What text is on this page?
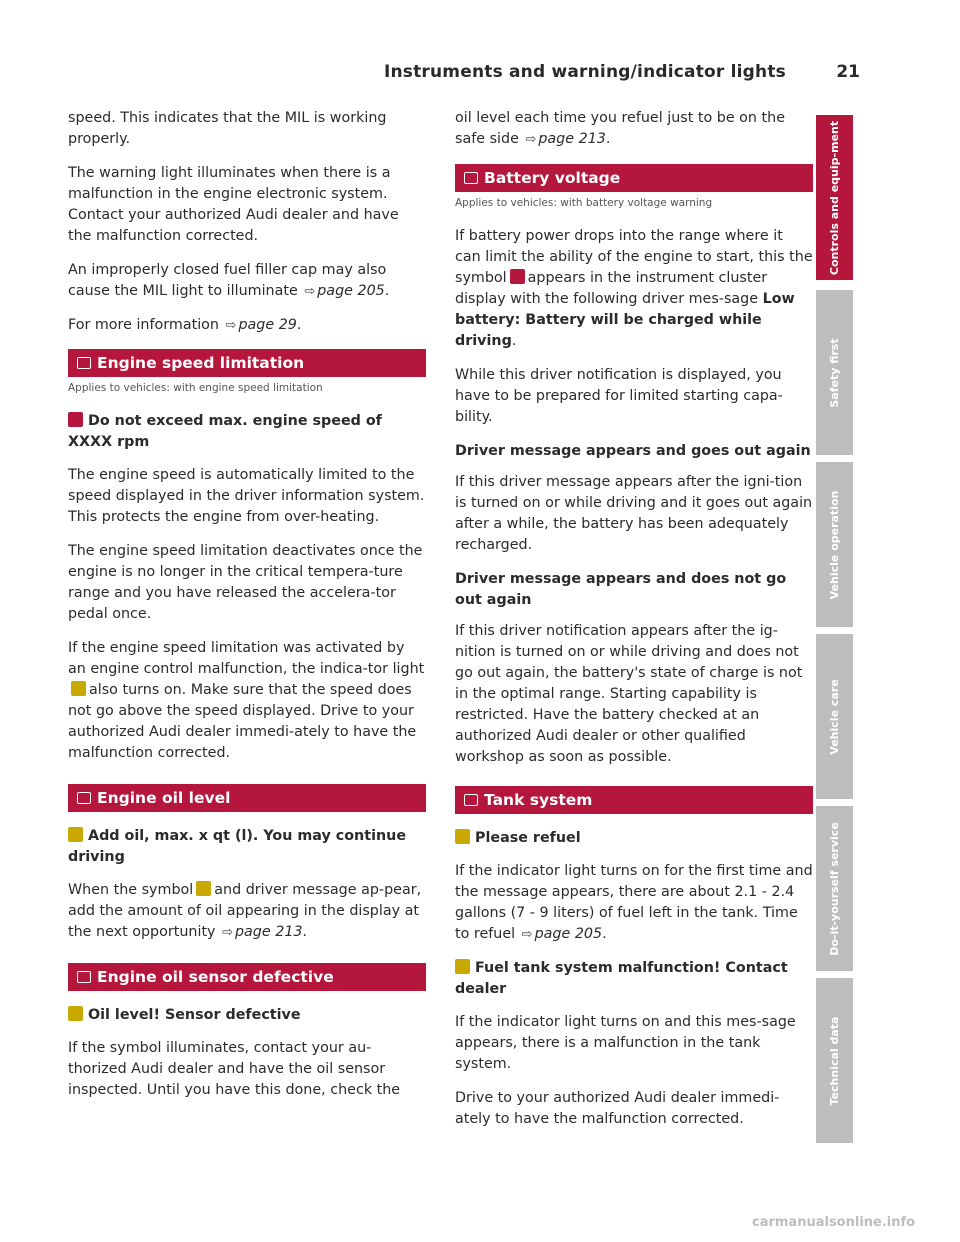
Instruments and warning/indicator lights	21

speed. This indicates that the MIL is working properly.

The warning light illuminates when there is a malfunction in the engine electronic system. Contact your authorized Audi dealer and have the malfunction corrected.

An improperly closed fuel filler cap may also cause the MIL light to illuminate ⇨ page 205.

For more information ⇨ page 29.

Engine speed limitation
Applies to vehicles: with engine speed limitation
Do not exceed max. engine speed of XXXX rpm

The engine speed is automatically limited to the speed displayed in the driver information system. This protects the engine from over-heating.

The engine speed limitation deactivates once the engine is no longer in the critical tempera-ture range and you have released the accelera-tor pedal once.

If the engine speed limitation was activated by an engine control malfunction, the indica-tor lightalso turns on. Make sure that the speed does not go above the speed displayed. Drive to your authorized Audi dealer immedi-ately to have the malfunction corrected.

Engine oil level
Add oil, max. x qt (l). You may continue driving

When the symbol and driver message ap-pear, add the amount of oil appearing in the display at the next opportunity ⇨ page 213.

Engine oil sensor defective
Oil level! Sensor defective

If the symbol illuminates, contact your au-thorized Audi dealer and have the oil sensor inspected. Until you have this done, check the

oil level each time you refuel just to be on the safe side ⇨ page 213.

Battery voltage
Applies to vehicles: with battery voltage warning

If battery power drops into the range where it can limit the ability of the engine to start, this the symbol appears in the instrument cluster display with the following driver mes-sage Low battery: Battery will be charged while driving.

While this driver notification is displayed, you have to be prepared for limited starting capa-bility.

Driver message appears and goes out again

If this driver message appears after the igni-tion is turned on or while driving and it goes out again after a while, the battery has been adequately recharged.

Driver message appears and does not go out again

If this driver notification appears after the ig-nition is turned on or while driving and does not go out again, the battery's state of charge is not in the optimal range. Starting capability is restricted. Have the battery checked at an authorized Audi dealer or other qualified workshop as soon as possible.

Tank system
Please refuel

If the indicator light turns on for the first time and the message appears, there are about 2.1 - 2.4 gallons (7 - 9 liters) of fuel left in the tank. Time to refuel ⇨ page 205.

Fuel tank system malfunction! Contact dealer

If the indicator light turns on and this mes-sage appears, there is a malfunction in the tank system.

Drive to your authorized Audi dealer immedi-ately to have the malfunction corrected.

Controls and equip-ment
Safety first
Vehicle operation
Vehicle care
Do-it-yourself service
Technical data
carmanualsonline.info
